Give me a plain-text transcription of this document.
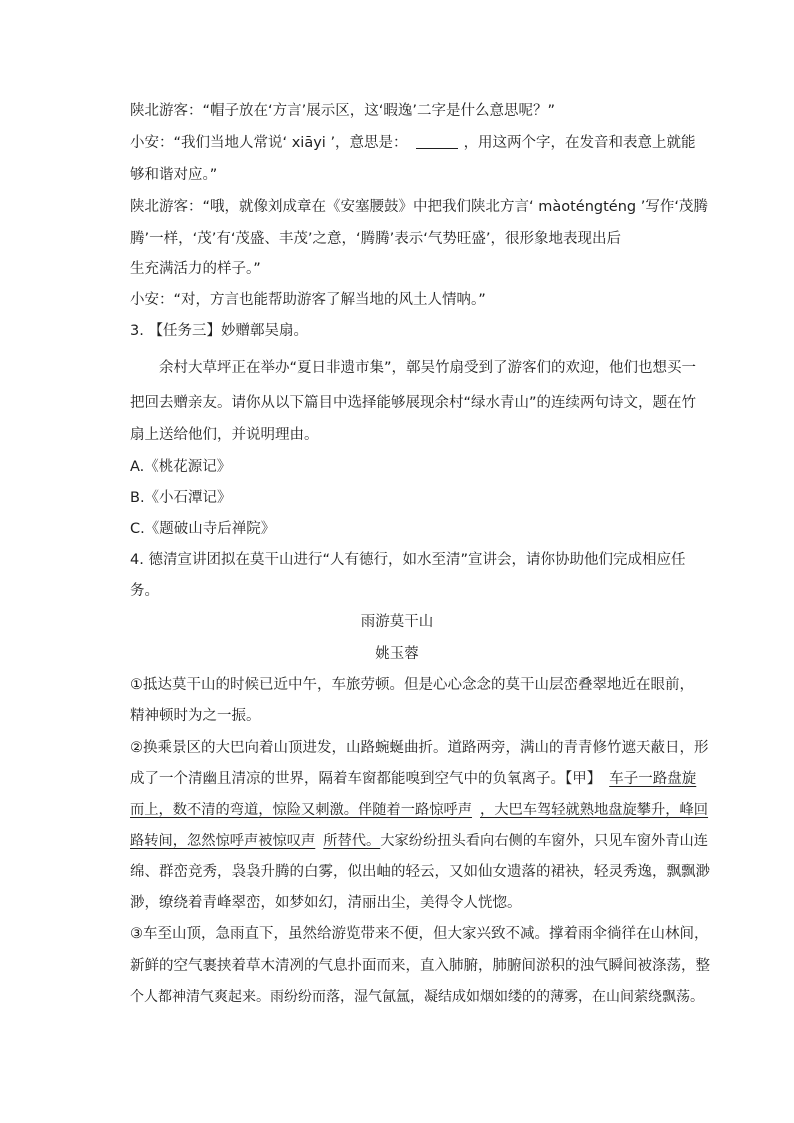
陕北游客：“帽子放在‘方言’展示区，这‘暇逸’二字是什么意思呢？”
小安：“我们当地人常说‘ xiāyi ’，意思是：	，用这两个字，在发音和表意上就能
够和谐对应。”
陕北游客：“哦，就像刘成章在《安塞腰鼓》中把我们陕北方言‘ màoténgténg ’写作‘茂腾
腾’一样，‘茂’有‘茂盛、丰茂’之意，‘腾腾’表示‘气势旺盛’，很形象地表现出后
生充满活力的样子。”
小安：“对，方言也能帮助游客了解当地的风土人情呐。”
3. 【任务三】妙赠鄣吴扇。
余村大草坪正在举办“夏日非遗市集”，鄣吴竹扇受到了游客们的欢迎，他们也想买一
把回去赠亲友。请你从以下篇目中选择能够展现余村“绿水青山”的连续两句诗文，题在竹
扇上送给他们，并说明理由。
A.《桃花源记》
B.《小石潭记》
C.《题破山寺后禅院》
4. 德清宣讲团拟在莫干山进行“人有德行，如水至清”宣讲会，请你协助他们完成相应任
务。
雨游莫干山
姚玉蓉
①抵达莫干山的时候已近中午，车旅劳顿。但是心心念念的莫干山层峦叠翠地近在眼前，
精神顿时为之一振。
②换乘景区的大巴向着山顶进发，山路蜿蜒曲折。道路两旁，满山的青青修竹遮天蔽日，形
成了一个清幽且清凉的世界，隔着车窗都能嗅到空气中的负氧离子。【甲】 车子一路盘旋
而上，数不清的弯道，惊险又刺激。伴随着一路惊呼声 ，大巴车驾轻就熟地盘旋攀升，峰回
路转间，忽然惊呼声被惊叹声 所替代。大家纷纷扭头看向右侧的车窗外，只见车窗外青山连
绵、群峦竞秀，袅袅升腾的白雾，似出岫的轻云，又如仙女遗落的裙袂，轻灵秀逸，飘飘渺
渺，缭绕着青峰翠峦，如梦如幻，清丽出尘，美得令人恍惚。
③车至山顶，急雨直下，虽然给游览带来不便，但大家兴致不减。撑着雨伞徜徉在山林间，
新鲜的空气裹挟着草木清冽的气息扑面而来，直入肺腑，肺腑间淤积的浊气瞬间被涤荡，整
个人都神清气爽起来。雨纷纷而落，湿气氤氲，凝结成如烟如缕的的薄雾，在山间萦绕飘荡。
